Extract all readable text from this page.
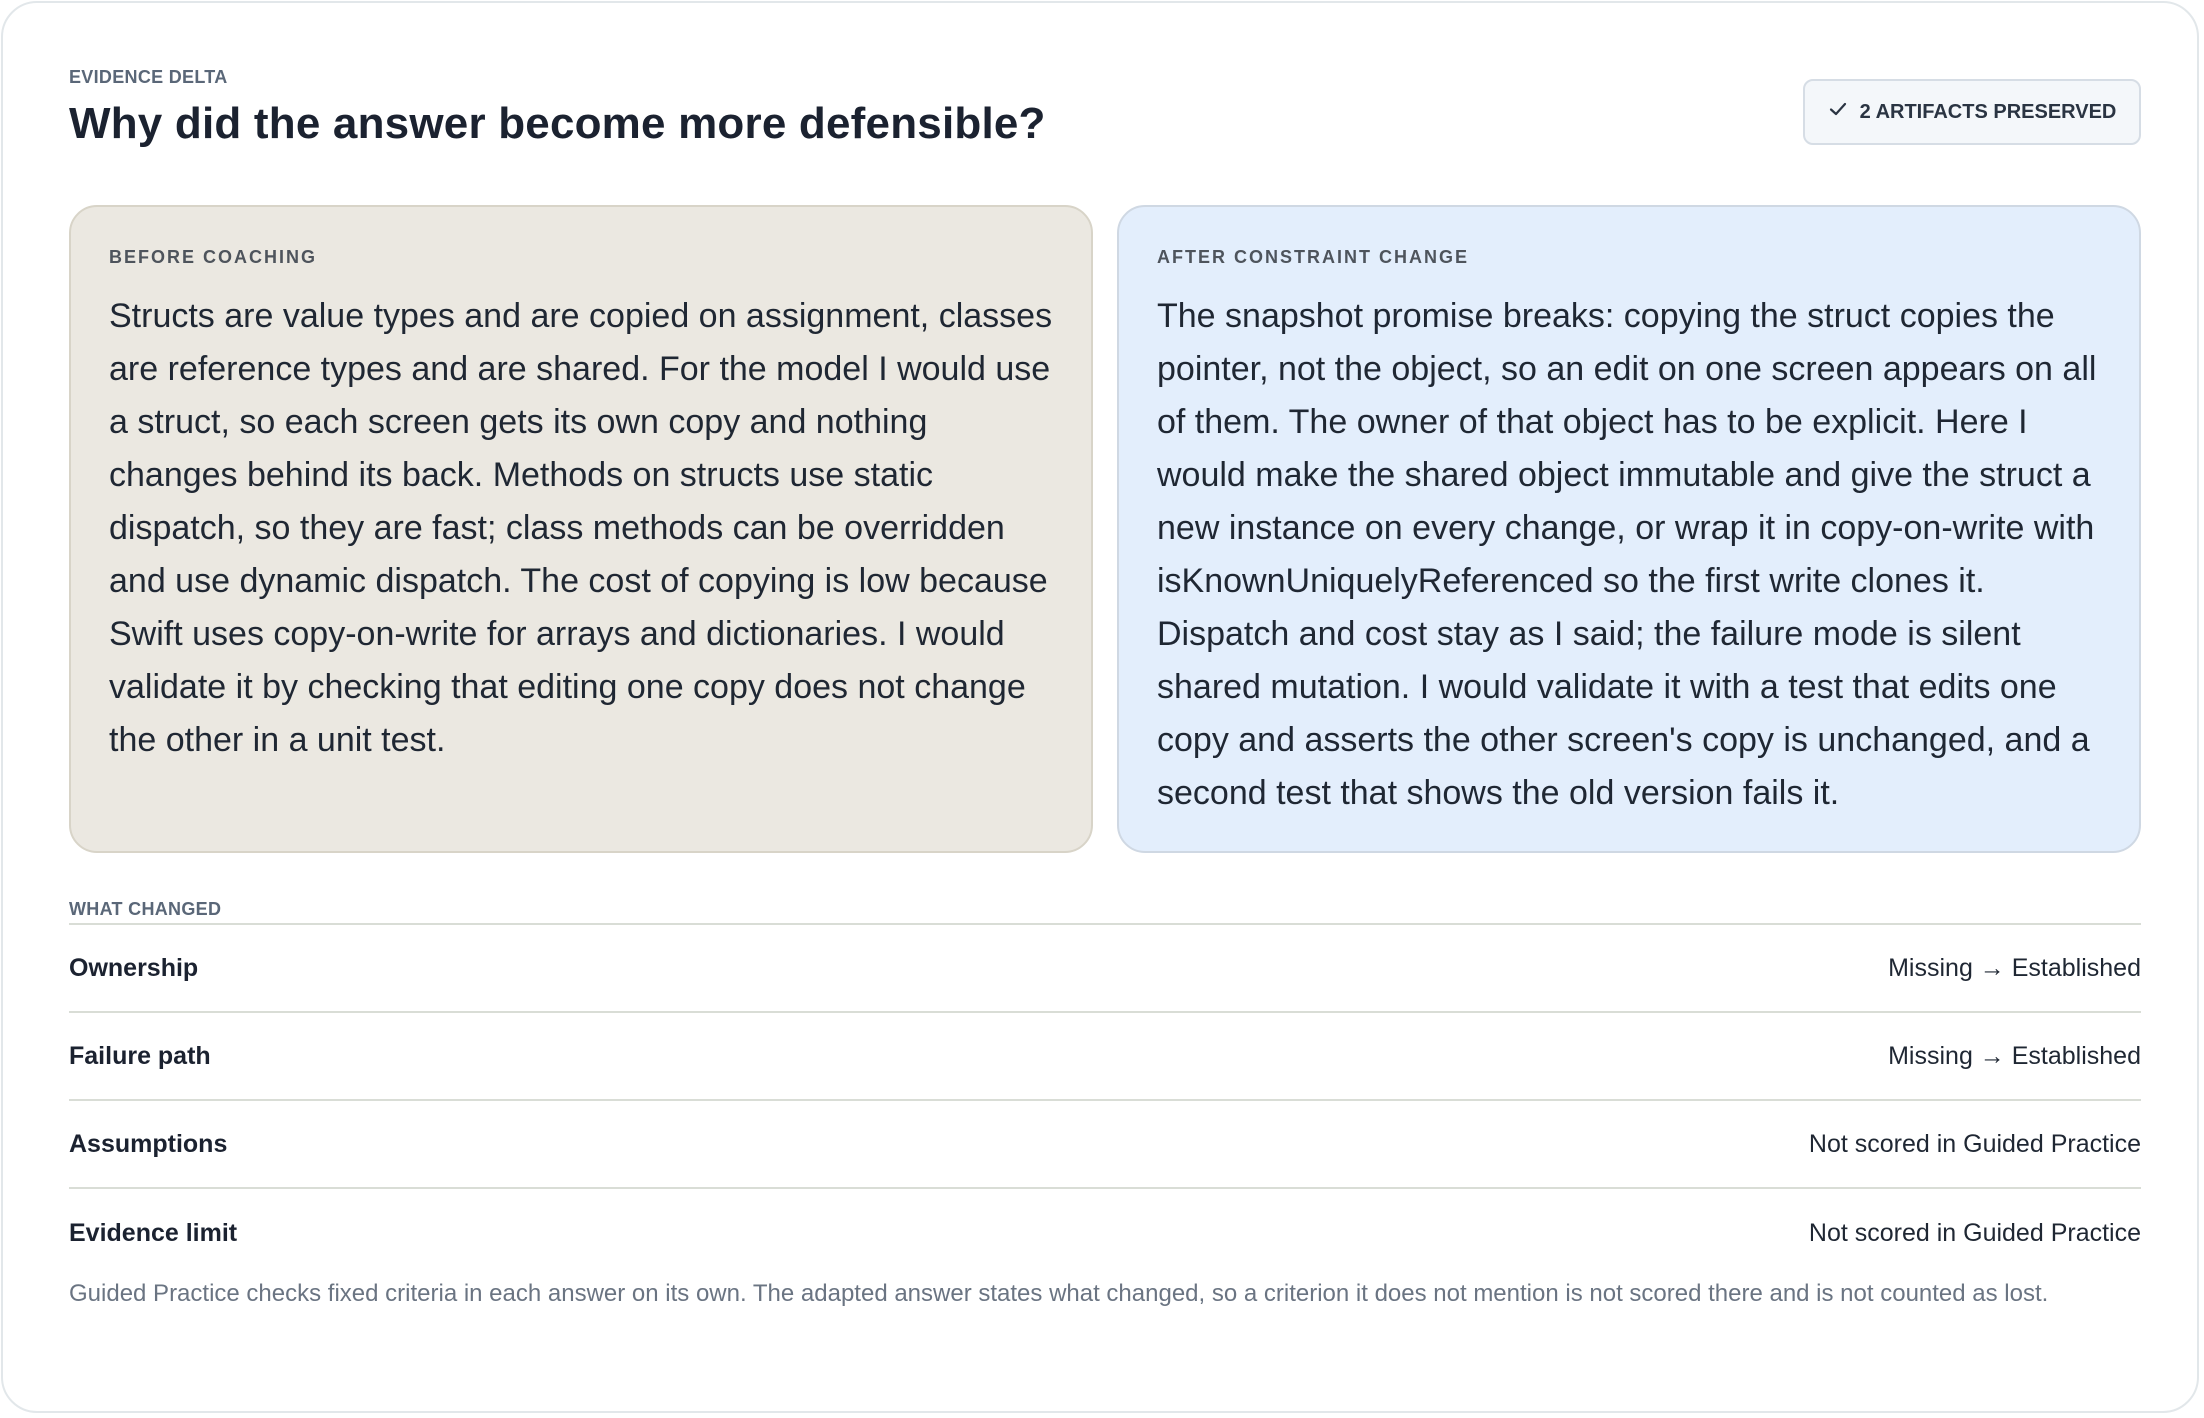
EVIDENCE DELTA
Why did the answer become more defensible?	2 ARTIFACTS PRESERVED
BEFORE COACHING

Structs are value types and are copied on assignment, classes are reference types and are shared. For the model I would use a struct, so each screen gets its own copy and nothing changes behind its back. Methods on structs use static dispatch, so they are fast; class methods can be overridden and use dynamic dispatch. The cost of copying is low because Swift uses copy-on-write for arrays and dictionaries. I would validate it by checking that editing one copy does not change the other in a unit test.

AFTER CONSTRAINT CHANGE

The snapshot promise breaks: copying the struct copies the pointer, not the object, so an edit on one screen appears on all of them. The owner of that object has to be explicit. Here I would make the shared object immutable and give the struct a new instance on every change, or wrap it in copy-on-write with isKnownUniquelyReferenced so the first write clones it. Dispatch and cost stay as I said; the failure mode is silent shared mutation. I would validate it with a test that edits one copy and asserts the other screen's copy is unchanged, and a second test that shows the old version fails it.

WHAT CHANGED
Ownership	Missing → Established
Failure path	Missing → Established
Assumptions	Not scored in Guided Practice
Evidence limit	Not scored in Guided Practice

Guided Practice checks fixed criteria in each answer on its own. The adapted answer states what changed, so a criterion it does not mention is not scored there and is not counted as lost.
